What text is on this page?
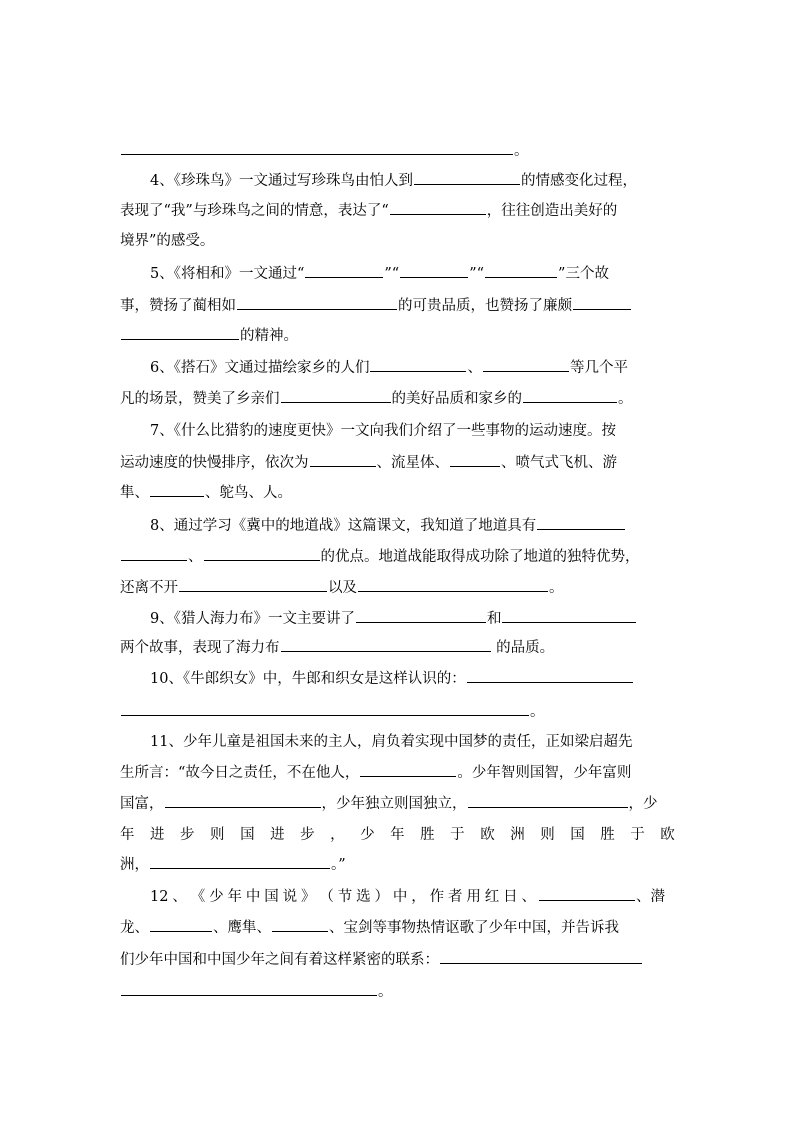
。
4、《珍珠鸟》一文通过写珍珠鸟由怕人到	的情感变化过程，
表现了“我”与珍珠鸟之间的情意，表达了“	，往往创造出美好的
境界”的感受。
5、《将相和》一文通过“	”“	”“	”三个故
事，赞扬了蔺相如	的可贵品质，也赞扬了廉颇
的精神。
6、《搭石》文通过描绘家乡的人们	、	等几个平
凡的场景，赞美了乡亲们	的美好品质和家乡的	。
7、《什么比猎豹的速度更快》一文向我们介绍了一些事物的运动速度。按
运动速度的快慢排序，依次为	、流星体、	、喷气式飞机、游
隼、	、鸵鸟、人。
8、通过学习《冀中的地道战》这篇课文，我知道了地道具有
、	的优点。地道战能取得成功除了地道的独特优势，
还离不开	以及	。
9、《猎人海力布》一文主要讲了	和
两个故事，表现了海力布	的品质。
10、《牛郎织女》中，牛郎和织女是这样认识的：
。
11、少年儿童是祖国未来的主人，肩负着实现中国梦的责任，正如梁启超先
生所言：“故今日之责任，不在他人，	。少年智则国智，少年富则
国富，	，少年独立则国独立，	，少
年 进 步 则 国 进 步 ， 少 年 胜 于 欧 洲 则 国 胜 于 欧
洲，	。”
12 、 《 少 年 中 国 说 》 （ 节 选 ） 中 ， 作 者 用 红 日 、	、潜
龙、	、鹰隼、	、宝剑等事物热情讴歌了少年中国，并告诉我
们少年中国和中国少年之间有着这样紧密的联系：
。
